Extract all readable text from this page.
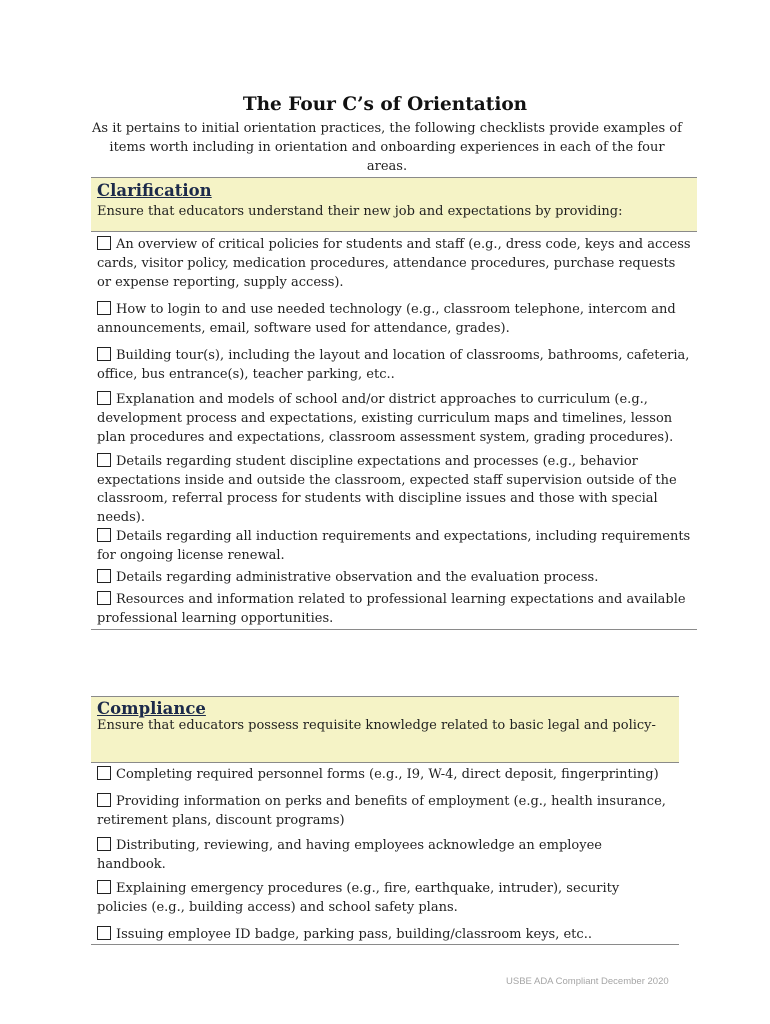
The Four C’s of Orientation
As it pertains to initial orientation practices, the following checklists provide examples of items worth including in orientation and onboarding experiences in each of the four areas.
Clarification
Ensure that educators understand their new job and expectations by providing:
An overview of critical policies for students and staff (e.g., dress code, keys and access cards, visitor policy, medication procedures, attendance procedures, purchase requests or expense reporting, supply access).
How to login to and use needed technology (e.g., classroom telephone, intercom and announcements, email, software used for attendance, grades).
Building tour(s), including the layout and location of classrooms, bathrooms, cafeteria, office, bus entrance(s), teacher parking, etc..
Explanation and models of school and/or district approaches to curriculum (e.g., development process and expectations, existing curriculum maps and timelines, lesson plan procedures and expectations, classroom assessment system, grading procedures).
Details regarding student discipline expectations and processes (e.g., behavior expectations inside and outside the classroom, expected staff supervision outside of the classroom, referral process for students with discipline issues and those with special needs).
Details regarding all induction requirements and expectations, including requirements for ongoing license renewal.
Details regarding administrative observation and the evaluation process.
Resources and information related to professional learning expectations and available professional learning opportunities.
Compliance
Ensure that educators possess requisite knowledge related to basic legal and policy-
Completing required personnel forms (e.g., I9, W-4, direct deposit, fingerprinting)
Providing information on perks and benefits of employment (e.g., health insurance, retirement plans, discount programs)
Distributing, reviewing, and having employees acknowledge an employee handbook.
Explaining emergency procedures (e.g., fire, earthquake, intruder), security policies (e.g., building access) and school safety plans.
Issuing employee ID badge, parking pass, building/classroom keys, etc..
USBE ADA Compliant December 2020
